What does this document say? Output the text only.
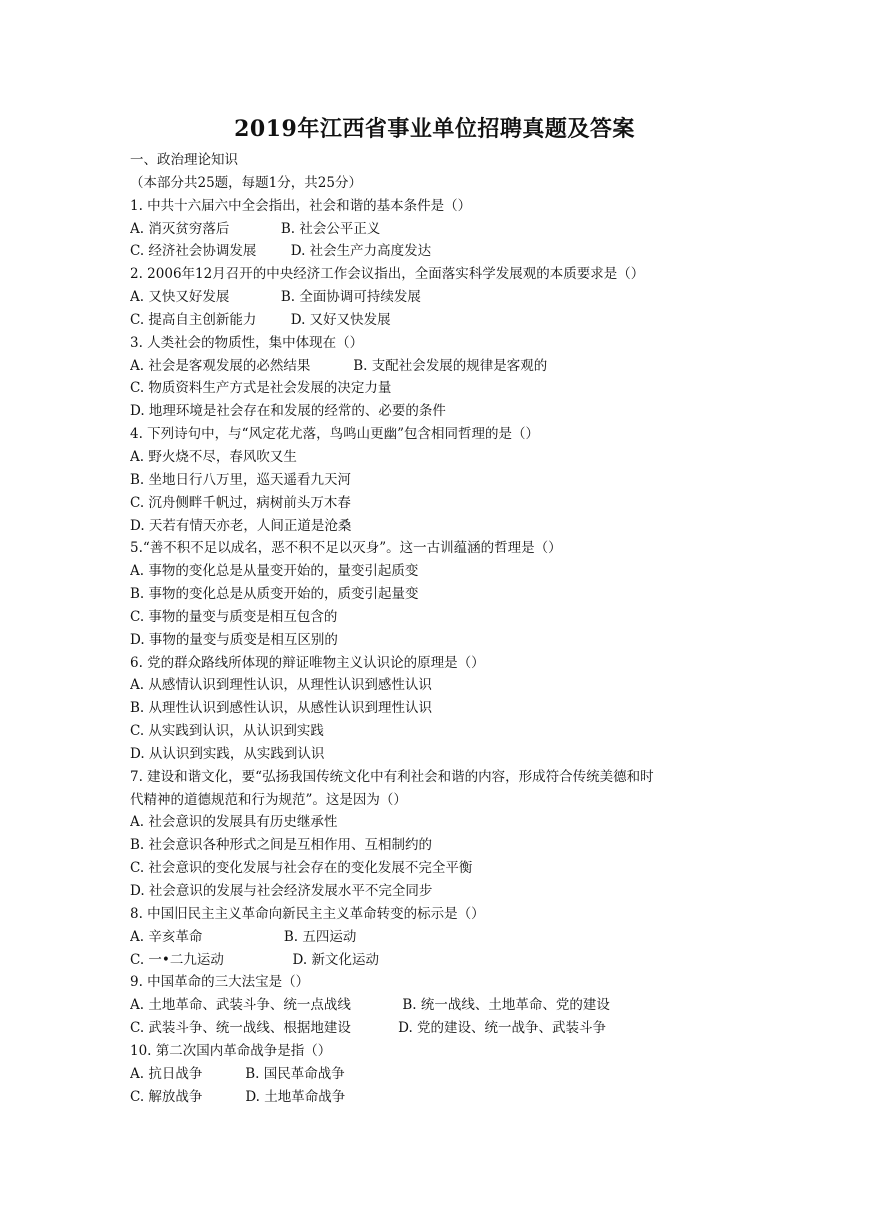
2019年江西省事业单位招聘真题及答案
一、政治理论知识
（本部分共25题，每题1分，共25分）
1. 中共十六届六中全会指出，社会和谐的基本条件是（）
A. 消灭贫穷落后            B. 社会公平正义
C. 经济社会协调发展        D. 社会生产力高度发达
2. 2006年12月召开的中央经济工作会议指出，全面落实科学发展观的本质要求是（）
A. 又快又好发展            B. 全面协调可持续发展
C. 提高自主创新能力        D. 又好又快发展
3. 人类社会的物质性，集中体现在（）
A. 社会是客观发展的必然结果          B. 支配社会发展的规律是客观的
C. 物质资料生产方式是社会发展的决定力量
D. 地理环境是社会存在和发展的经常的、必要的条件
4. 下列诗句中，与“风定花尤落，鸟鸣山更幽”包含相同哲理的是（）
A. 野火烧不尽，春风吹又生
B. 坐地日行八万里，巡天遥看九天河
C. 沉舟侧畔千帆过，病树前头万木春
D. 天若有情天亦老，人间正道是沧桑
5.“善不积不足以成名，恶不积不足以灭身”。这一古训蕴涵的哲理是（）
A. 事物的变化总是从量变开始的，量变引起质变
B. 事物的变化总是从质变开始的，质变引起量变
C. 事物的量变与质变是相互包含的
D. 事物的量变与质变是相互区别的
6. 党的群众路线所体现的辩证唯物主义认识论的原理是（）
A. 从感情认识到理性认识，从理性认识到感性认识
B. 从理性认识到感性认识，从感性认识到理性认识
C. 从实践到认识，从认识到实践
D. 从认识到实践，从实践到认识
7. 建设和谐文化，要“弘扬我国传统文化中有利社会和谐的内容，形成符合传统美德和时
代精神的道德规范和行为规范”。这是因为（）
A. 社会意识的发展具有历史继承性
B. 社会意识各种形式之间是互相作用、互相制约的
C. 社会意识的变化发展与社会存在的变化发展不完全平衡
D. 社会意识的发展与社会经济发展水平不完全同步
8. 中国旧民主主义革命向新民主主义革命转变的标示是（）
A. 辛亥革命                   B. 五四运动
C. 一•二九运动                D. 新文化运动
9. 中国革命的三大法宝是（）
A. 土地革命、武装斗争、统一点战线            B. 统一战线、土地革命、党的建设
C. 武装斗争、统一战线、根据地建设           D. 党的建设、统一战争、武装斗争
10. 第二次国内革命战争是指（）
A. 抗日战争          B. 国民革命战争
C. 解放战争          D. 土地革命战争
